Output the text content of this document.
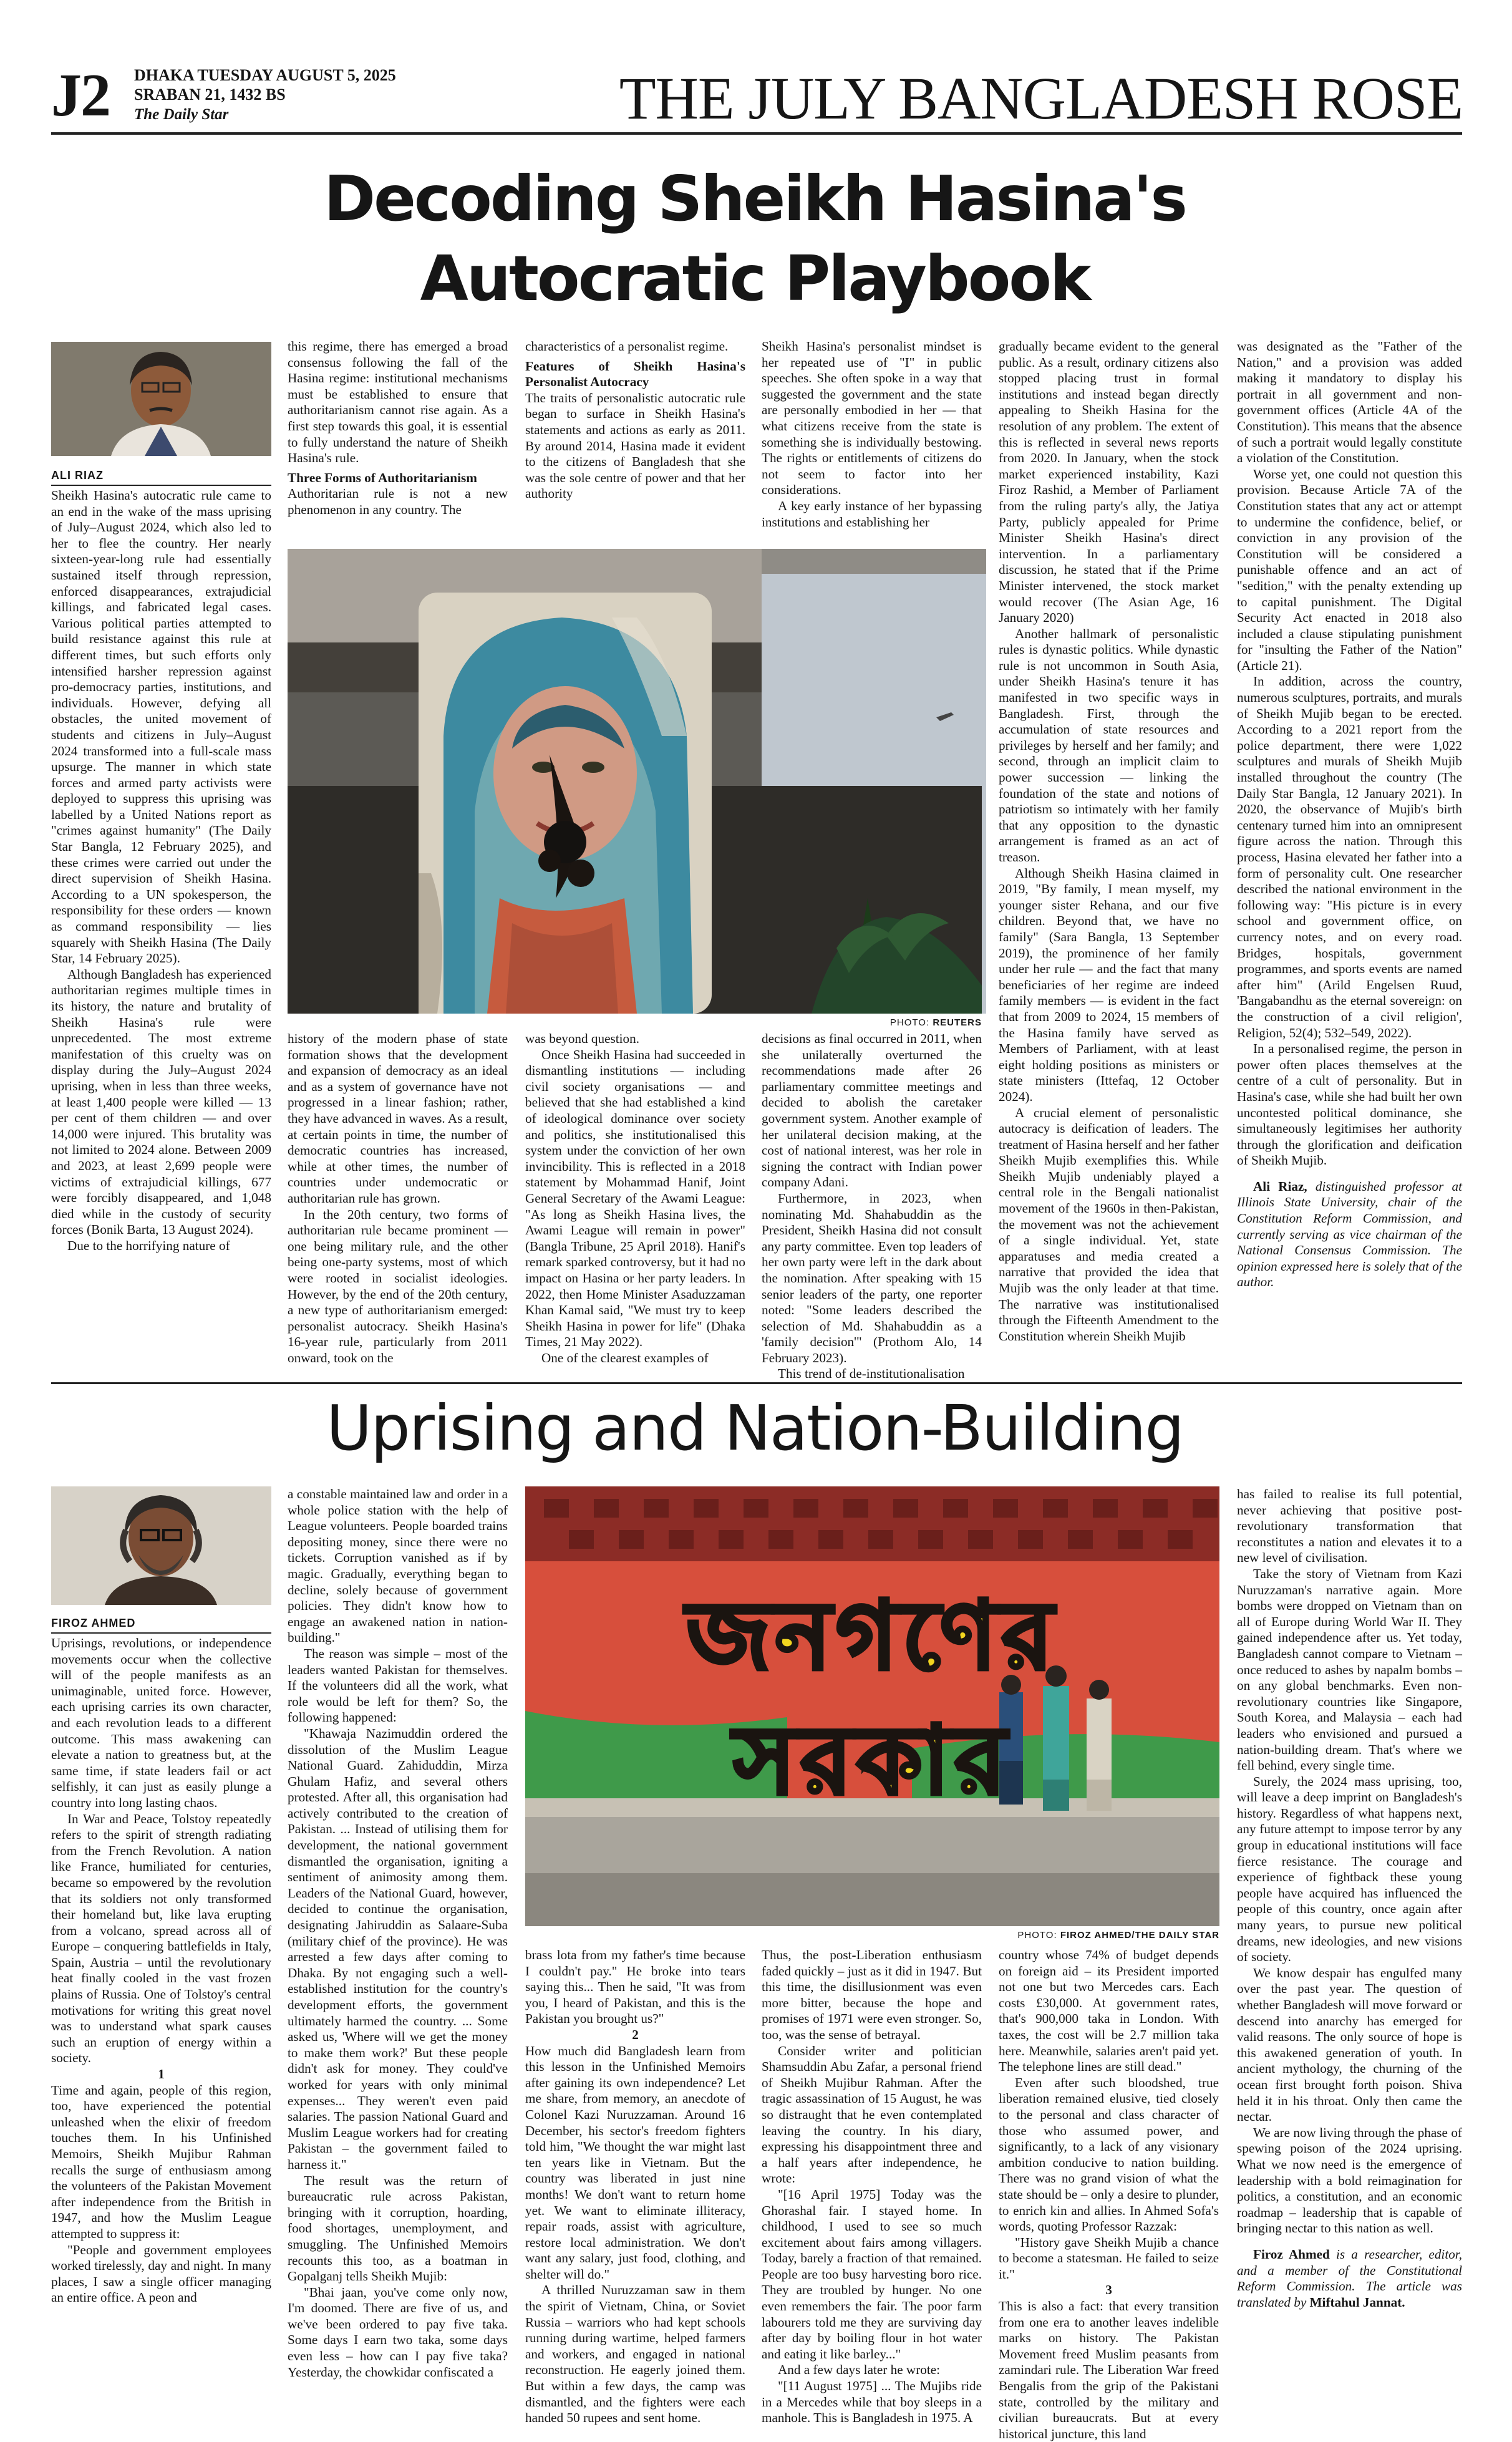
J2 DHAKA TUESDAY AUGUST 5, 2025
SRABAN 21, 1432 BS
The Daily Star	THE JULY BANGLADESH ROSE
Decoding Sheikh Hasina's
Autocratic Playbook
ALI RIAZ

Sheikh Hasina's autocratic rule came to an end in the wake of the mass uprising of July–August 2024, which also led to her to flee the country. Her nearly sixteen-year-long rule had essentially sustained itself through repression, enforced disappearances, extrajudicial killings, and fabricated legal cases. Various political parties attempted to build resistance against this rule at different times, but such efforts only intensified harsher repression against pro-democracy parties, institutions, and individuals. However, defying all obstacles, the united movement of students and citizens in July–August 2024 transformed into a full-scale mass upsurge. The manner in which state forces and armed party activists were deployed to suppress this uprising was labelled by a United Nations report as "crimes against humanity" (The Daily Star Bangla, 12 February 2025), and these crimes were carried out under the direct supervision of Sheikh Hasina. According to a UN spokesperson, the responsibility for these orders — known as command responsibility — lies squarely with Sheikh Hasina (The Daily Star, 14 February 2025).

Although Bangladesh has experienced authoritarian regimes multiple times in its history, the nature and brutality of Sheikh Hasina's rule were unprecedented. The most extreme manifestation of this cruelty was on display during the July–August 2024 uprising, when in less than three weeks, at least 1,400 people were killed — 13 per cent of them children — and over 14,000 were injured. This brutality was not limited to 2024 alone. Between 2009 and 2023, at least 2,699 people were victims of extrajudicial killings, 677 were forcibly disappeared, and 1,048 died while in the custody of security forces (Bonik Barta, 13 August 2024).

Due to the horrifying nature of

this regime, there has emerged a broad consensus following the fall of the Hasina regime: institutional mechanisms must be established to ensure that authoritarianism cannot rise again. As a first step towards this goal, it is essential to fully understand the nature of Sheikh Hasina's rule.

Three Forms of Authoritarianism

Authoritarian rule is not a new phenomenon in any country. The

characteristics of a personalist regime.

Features of Sheikh Hasina's Personalist Autocracy

The traits of personalistic autocratic rule began to surface in Sheikh Hasina's statements and actions as early as 2011. By around 2014, Hasina made it evident to the citizens of Bangladesh that she was the sole centre of power and that her authority

Sheikh Hasina's personalist mindset is her repeated use of "I" in public speeches. She often spoke in a way that suggested the government and the state are personally embodied in her — that what citizens receive from the state is something she is individually bestowing. The rights or entitlements of citizens do not seem to factor into her considerations.

A key early instance of her bypassing institutions and establishing her

PHOTO: REUTERS

history of the modern phase of state formation shows that the development and expansion of democracy as an ideal and as a system of governance have not progressed in a linear fashion; rather, they have advanced in waves. As a result, at certain points in time, the number of democratic countries has increased, while at other times, the number of countries under undemocratic or authoritarian rule has grown.

In the 20th century, two forms of authoritarian rule became prominent — one being military rule, and the other being one-party systems, most of which were rooted in socialist ideologies. However, by the end of the 20th century, a new type of authoritarianism emerged: personalist autocracy. Sheikh Hasina's 16-year rule, particularly from 2011 onward, took on the

was beyond question.

Once Sheikh Hasina had succeeded in dismantling institutions — including civil society organisations — and believed that she had established a kind of ideological dominance over society and politics, she institutionalised this system under the conviction of her own invincibility. This is reflected in a 2018 statement by Mohammad Hanif, Joint General Secretary of the Awami League: "As long as Sheikh Hasina lives, the Awami League will remain in power" (Bangla Tribune, 25 April 2018). Hanif's remark sparked controversy, but it had no impact on Hasina or her party leaders. In 2022, then Home Minister Asaduzzaman Khan Kamal said, "We must try to keep Sheikh Hasina in power for life" (Dhaka Times, 21 May 2022).

One of the clearest examples of

decisions as final occurred in 2011, when she unilaterally overturned the recommendations made after 26 parliamentary committee meetings and decided to abolish the caretaker government system. Another example of her unilateral decision making, at the cost of national interest, was her role in signing the contract with Indian power company Adani.

Furthermore, in 2023, when nominating Md. Shahabuddin as the President, Sheikh Hasina did not consult any party committee. Even top leaders of her own party were left in the dark about the nomination. After speaking with 15 senior leaders of the party, one reporter noted: "Some leaders described the selection of Md. Shahabuddin as a 'family decision'" (Prothom Alo, 14 February 2023).

This trend of de-institutionalisation

gradually became evident to the general public. As a result, ordinary citizens also stopped placing trust in formal institutions and instead began directly appealing to Sheikh Hasina for the resolution of any problem. The extent of this is reflected in several news reports from 2020. In January, when the stock market experienced instability, Kazi Firoz Rashid, a Member of Parliament from the ruling party's ally, the Jatiya Party, publicly appealed for Prime Minister Sheikh Hasina's direct intervention. In a parliamentary discussion, he stated that if the Prime Minister intervened, the stock market would recover (The Asian Age, 16 January 2020)

Another hallmark of personalistic rules is dynastic politics. While dynastic rule is not uncommon in South Asia, under Sheikh Hasina's tenure it has manifested in two specific ways in Bangladesh. First, through the accumulation of state resources and privileges by herself and her family; and second, through an implicit claim to power succession — linking the foundation of the state and notions of patriotism so intimately with her family that any opposition to the dynastic arrangement is framed as an act of treason.

Although Sheikh Hasina claimed in 2019, "By family, I mean myself, my younger sister Rehana, and our five children. Beyond that, we have no family" (Sara Bangla, 13 September 2019), the prominence of her family under her rule — and the fact that many beneficiaries of her regime are indeed family members — is evident in the fact that from 2009 to 2024, 15 members of the Hasina family have served as Members of Parliament, with at least eight holding positions as ministers or state ministers (Ittefaq, 12 October 2024).

A crucial element of personalistic autocracy is deification of leaders. The treatment of Hasina herself and her father Sheikh Mujib exemplifies this. While Sheikh Mujib undeniably played a central role in the Bengali nationalist movement of the 1960s in then-Pakistan, the movement was not the achievement of a single individual. Yet, state apparatuses and media created a narrative that provided the idea that Mujib was the only leader at that time. The narrative was institutionalised through the Fifteenth Amendment to the Constitution wherein Sheikh Mujib

was designated as the "Father of the Nation," and a provision was added making it mandatory to display his portrait in all government and non-government offices (Article 4A of the Constitution). This means that the absence of such a portrait would legally constitute a violation of the Constitution.

Worse yet, one could not question this provision. Because Article 7A of the Constitution states that any act or attempt to undermine the confidence, belief, or conviction in any provision of the Constitution will be considered a punishable offence and an act of "sedition," with the penalty extending up to capital punishment. The Digital Security Act enacted in 2018 also included a clause stipulating punishment for "insulting the Father of the Nation" (Article 21).

In addition, across the country, numerous sculptures, portraits, and murals of Sheikh Mujib began to be erected. According to a 2021 report from the police department, there were 1,022 sculptures and murals of Sheikh Mujib installed throughout the country (The Daily Star Bangla, 12 January 2021). In 2020, the observance of Mujib's birth centenary turned him into an omnipresent figure across the nation. Through this process, Hasina elevated her father into a form of personality cult. One researcher described the national environment in the following way: "His picture is in every school and government office, on currency notes, and on every road. Bridges, hospitals, government programmes, and sports events are named after him" (Arild Engelsen Ruud, 'Bangabandhu as the eternal sovereign: on the construction of a civil religion', Religion, 52(4); 532–549, 2022).

In a personalised regime, the person in power often places themselves at the centre of a cult of personality. But in Hasina's case, while she had built her own uncontested political dominance, she simultaneously legitimises her authority through the glorification and deification of Sheikh Mujib.

Ali Riaz, distinguished professor at Illinois State University, chair of the Constitution Reform Commission, and currently serving as vice chairman of the National Consensus Commission. The opinion expressed here is solely that of the author.

Uprising and Nation-Building
FIROZ AHMED

Uprisings, revolutions, or independence movements occur when the collective will of the people manifests as an unimaginable, united force. However, each uprising carries its own character, and each revolution leads to a different outcome. This mass awakening can elevate a nation to greatness but, at the same time, if state leaders fail or act selfishly, it can just as easily plunge a country into long lasting chaos.

In War and Peace, Tolstoy repeatedly refers to the spirit of strength radiating from the French Revolution. A nation like France, humiliated for centuries, became so empowered by the revolution that its soldiers not only transformed their homeland but, like lava erupting from a volcano, spread across all of Europe – conquering battlefields in Italy, Spain, Austria – until the revolutionary heat finally cooled in the vast frozen plains of Russia. One of Tolstoy's central motivations for writing this great novel was to understand what spark causes such an eruption of energy within a society.

1

Time and again, people of this region, too, have experienced the potential unleashed when the elixir of freedom touches them. In his Unfinished Memoirs, Sheikh Mujibur Rahman recalls the surge of enthusiasm among the volunteers of the Pakistan Movement after independence from the British in 1947, and how the Muslim League attempted to suppress it:

"People and government employees worked tirelessly, day and night. In many places, I saw a single officer managing an entire office. A peon and

a constable maintained law and order in a whole police station with the help of League volunteers. People boarded trains depositing money, since there were no tickets. Corruption vanished as if by magic. Gradually, everything began to decline, solely because of government policies. They didn't know how to engage an awakened nation in nation-building."

The reason was simple – most of the leaders wanted Pakistan for themselves. If the volunteers did all the work, what role would be left for them? So, the following happened:

"Khawaja Nazimuddin ordered the dissolution of the Muslim League National Guard. Zahiduddin, Mirza Ghulam Hafiz, and several others protested. After all, this organisation had actively contributed to the creation of Pakistan. ... Instead of utilising them for development, the national government dismantled the organisation, igniting a sentiment of animosity among them. Leaders of the National Guard, however, decided to continue the organisation, designating Jahiruddin as Salaare-Suba (military chief of the province). He was arrested a few days after coming to Dhaka. By not engaging such a well-established institution for the country's development efforts, the government ultimately harmed the country. ... Some asked us, 'Where will we get the money to make them work?' But these people didn't ask for money. They could've worked for years with only minimal expenses... They weren't even paid salaries. The passion National Guard and Muslim League workers had for creating Pakistan – the government failed to harness it."

The result was the return of bureaucratic rule across Pakistan, bringing with it corruption, hoarding, food shortages, unemployment, and smuggling. The Unfinished Memoirs recounts this too, as a boatman in Gopalganj tells Sheikh Mujib:

"Bhai jaan, you've come only now, I'm doomed. There are five of us, and we've been ordered to pay five taka. Some days I earn two taka, some days even less – how can I pay five taka? Yesterday, the chowkidar confiscated a

জনগণের সরকার
PHOTO: FIROZ AHMED/THE DAILY STAR

brass lota from my father's time because I couldn't pay." He broke into tears saying this... Then he said, "It was from you, I heard of Pakistan, and this is the Pakistan you brought us?"

2

How much did Bangladesh learn from this lesson in the Unfinished Memoirs after gaining its own independence? Let me share, from memory, an anecdote of Colonel Kazi Nuruzzaman. Around 16 December, his sector's freedom fighters told him, "We thought the war might last ten years like in Vietnam. But the country was liberated in just nine months! We don't want to return home yet. We want to eliminate illiteracy, repair roads, assist with agriculture, restore local administration. We don't want any salary, just food, clothing, and shelter will do."

A thrilled Nuruzzaman saw in them the spirit of Vietnam, China, or Soviet Russia – warriors who had kept schools running during wartime, helped farmers and workers, and engaged in national reconstruction. He eagerly joined them. But within a few days, the camp was dismantled, and the fighters were each handed 50 rupees and sent home.

Thus, the post-Liberation enthusiasm faded quickly – just as it did in 1947. But this time, the disillusionment was even more bitter, because the hope and promises of 1971 were even stronger. So, too, was the sense of betrayal.

Consider writer and politician Shamsuddin Abu Zafar, a personal friend of Sheikh Mujibur Rahman. After the tragic assassination of 15 August, he was so distraught that he even contemplated leaving the country. In his diary, expressing his disappointment three and a half years after independence, he wrote:

"[16 April 1975] Today was the Ghorashal fair. I stayed home. In childhood, I used to see so much excitement about fairs among villagers. Today, barely a fraction of that remained. People are too busy harvesting boro rice. They are troubled by hunger. No one even remembers the fair. The poor farm labourers told me they are surviving day after day by boiling flour in hot water and eating it like barley..."

And a few days later he wrote:

"[11 August 1975] ... The Mujibs ride in a Mercedes while that boy sleeps in a manhole. This is Bangladesh in 1975. A

country whose 74% of budget depends on foreign aid – its President imported not one but two Mercedes cars. Each costs £30,000. At government rates, that's 900,000 taka in London. With taxes, the cost will be 2.7 million taka here. Meanwhile, salaries aren't paid yet. The telephone lines are still dead."

Even after such bloodshed, true liberation remained elusive, tied closely to the personal and class character of those who assumed power, and significantly, to a lack of any visionary ambition conducive to nation building. There was no grand vision of what the state should be – only a desire to plunder, to enrich kin and allies. In Ahmed Sofa's words, quoting Professor Razzak:

"History gave Sheikh Mujib a chance to become a statesman. He failed to seize it."

3

This is also a fact: that every transition from one era to another leaves indelible marks on history. The Pakistan Movement freed Muslim peasants from zamindari rule. The Liberation War freed Bengalis from the grip of the Pakistani state, controlled by the military and civilian bureaucrats. But at every historical juncture, this land

has failed to realise its full potential, never achieving that positive post-revolutionary transformation that reconstitutes a nation and elevates it to a new level of civilisation.

Take the story of Vietnam from Kazi Nuruzzaman's narrative again. More bombs were dropped on Vietnam than on all of Europe during World War II. They gained independence after us. Yet today, Bangladesh cannot compare to Vietnam – once reduced to ashes by napalm bombs – on any global benchmarks. Even non-revolutionary countries like Singapore, South Korea, and Malaysia – each had leaders who envisioned and pursued a nation-building dream. That's where we fell behind, every single time.

Surely, the 2024 mass uprising, too, will leave a deep imprint on Bangladesh's history. Regardless of what happens next, any future attempt to impose terror by any group in educational institutions will face fierce resistance. The courage and experience of fightback these young people have acquired has influenced the people of this country, once again after many years, to pursue new political dreams, new ideologies, and new visions of society.

We know despair has engulfed many over the past year. The question of whether Bangladesh will move forward or descend into anarchy has emerged for valid reasons. The only source of hope is this awakened generation of youth. In ancient mythology, the churning of the ocean first brought forth poison. Shiva held it in his throat. Only then came the nectar.

We are now living through the phase of spewing poison of the 2024 uprising. What we now need is the emergence of leadership with a bold reimagination for politics, a constitution, and an economic roadmap – leadership that is capable of bringing nectar to this nation as well.

Firoz Ahmed is a researcher, editor, and a member of the Constitutional Reform Commission. The article was translated by Miftahul Jannat.
